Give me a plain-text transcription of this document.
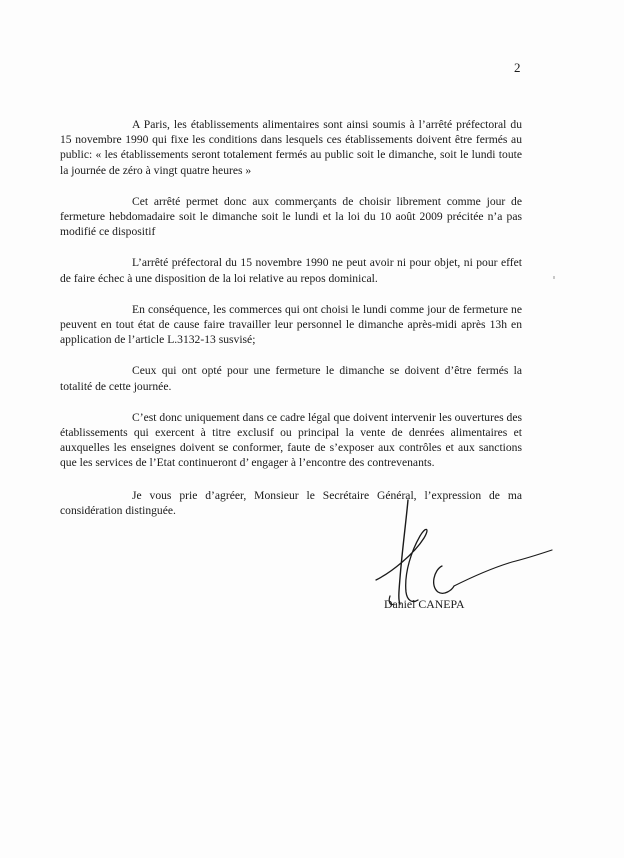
2

A Paris, les établissements alimentaires sont ainsi soumis à l’arrêté préfectoral du 15 novembre 1990 qui fixe les conditions dans lesquels ces établissements doivent être fermés au public: « les établissements seront totalement fermés au public soit le dimanche, soit le lundi toute la journée de zéro à vingt quatre heures »

Cet arrêté permet donc aux commerçants de choisir librement comme jour de fermeture hebdomadaire soit le dimanche soit le lundi et la loi du 10 août 2009 précitée n’a pas modifié ce dispositif

L’arrêté préfectoral du 15 novembre 1990 ne peut avoir ni pour objet, ni pour effet de faire échec à une disposition de la loi relative au repos dominical.

En conséquence, les commerces qui ont choisi le lundi comme jour de fermeture ne peuvent en tout état de cause faire travailler leur personnel le dimanche après-midi après 13h en application de l’article L.3132-13 susvisé;

Ceux qui ont opté pour une fermeture le dimanche se doivent d’être fermés la totalité de cette journée.

C’est donc uniquement dans ce cadre légal que doivent intervenir les ouvertures des établissements qui exercent à titre exclusif ou principal la vente de denrées alimentaires et auxquelles les enseignes doivent se conformer, faute de s’exposer aux contrôles et aux sanctions que les services de l’Etat continueront d’ engager à l’encontre des contrevenants.

Je vous prie d’agréer, Monsieur le Secrétaire Général, l’expression de ma considération distinguée.

Daniel CANEPA
